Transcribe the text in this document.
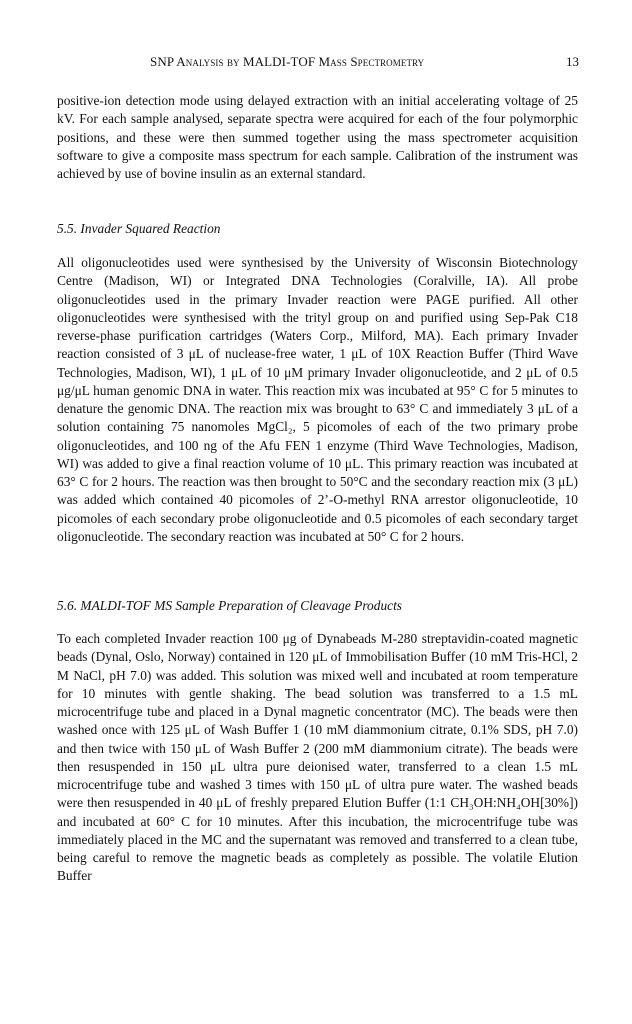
SNP Analysis by MALDI-TOF Mass Spectrometry	13

positive-ion detection mode using delayed extraction with an initial accelerating voltage of 25 kV. For each sample analysed, separate spectra were acquired for each of the four polymorphic positions, and these were then summed together using the mass spectrometer acquisition software to give a composite mass spectrum for each sample. Calibration of the instrument was achieved by use of bovine insulin as an external standard.

5.5. Invader Squared Reaction

All oligonucleotides used were synthesised by the University of Wisconsin Biotechnology Centre (Madison, WI) or Integrated DNA Technologies (Coralville, IA). All probe oligonucleotides used in the primary Invader reaction were PAGE purified. All other oligonucleotides were synthesised with the trityl group on and purified using Sep-Pak C18 reverse-phase purification cartridges (Waters Corp., Milford, MA). Each primary Invader reaction consisted of 3 μL of nuclease-free water, 1 μL of 10X Reaction Buffer (Third Wave Technologies, Madison, WI), 1 μL of 10 μM primary Invader oligonucleotide, and 2 μL of 0.5 μg/μL human genomic DNA in water. This reaction mix was incubated at 95° C for 5 minutes to denature the genomic DNA. The reaction mix was brought to 63° C and immediately 3 μL of a solution containing 75 nanomoles MgCl₂, 5 picomoles of each of the two primary probe oligonucleotides, and 100 ng of the Afu FEN 1 enzyme (Third Wave Technologies, Madison, WI) was added to give a final reaction volume of 10 μL. This primary reaction was incubated at 63° C for 2 hours. The reaction was then brought to 50°C and the secondary reaction mix (3 μL) was added which contained 40 picomoles of 2’-O-methyl RNA arrestor oligonucleotide, 10 picomoles of each secondary probe oligonucleotide and 0.5 picomoles of each secondary target oligonucleotide. The secondary reaction was incubated at 50° C for 2 hours.

5.6. MALDI-TOF MS Sample Preparation of Cleavage Products

To each completed Invader reaction 100 μg of Dynabeads M-280 streptavidin-coated magnetic beads (Dynal, Oslo, Norway) contained in 120 μL of Immobilisation Buffer (10 mM Tris-HCl, 2 M NaCl, pH 7.0) was added. This solution was mixed well and incubated at room temperature for 10 minutes with gentle shaking. The bead solution was transferred to a 1.5 mL microcentrifuge tube and placed in a Dynal magnetic concentrator (MC). The beads were then washed once with 125 μL of Wash Buffer 1 (10 mM diammonium citrate, 0.1% SDS, pH 7.0) and then twice with 150 μL of Wash Buffer 2 (200 mM diammonium citrate). The beads were then resuspended in 150 μL ultra pure deionised water, transferred to a clean 1.5 mL microcentrifuge tube and washed 3 times with 150 μL of ultra pure water. The washed beads were then resuspended in 40 μL of freshly prepared Elution Buffer (1:1 CH₃OH:NH₄OH[30%]) and incubated at 60° C for 10 minutes. After this incubation, the microcentrifuge tube was immediately placed in the MC and the supernatant was removed and transferred to a clean tube, being careful to remove the magnetic beads as completely as possible. The volatile Elution Buffer
